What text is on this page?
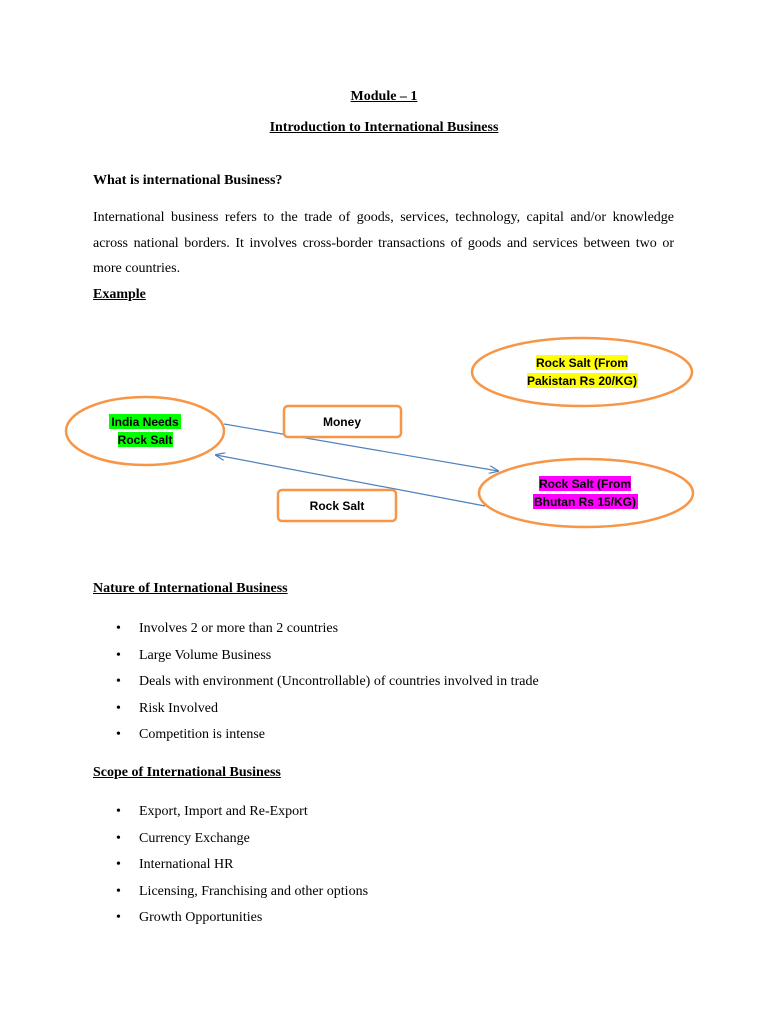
Module – 1
Introduction to International Business
What is international Business?
International business refers to the trade of goods, services, technology, capital and/or knowledge across national borders. It involves cross-border transactions of goods and services between two or more countries.
Example
Rock Salt (From
Pakistan Rs 20/KG)
India Needs
Rock Salt
Money
Rock Salt
Rock Salt (From
Bhutan Rs 15/KG)
Nature of International Business
• Involves 2 or more than 2 countries
• Large Volume Business
• Deals with environment (Uncontrollable) of countries involved in trade
• Risk Involved
• Competition is intense
Scope of International Business
• Export, Import and Re-Export
• Currency Exchange
• International HR
• Licensing, Franchising and other options
• Growth Opportunities
